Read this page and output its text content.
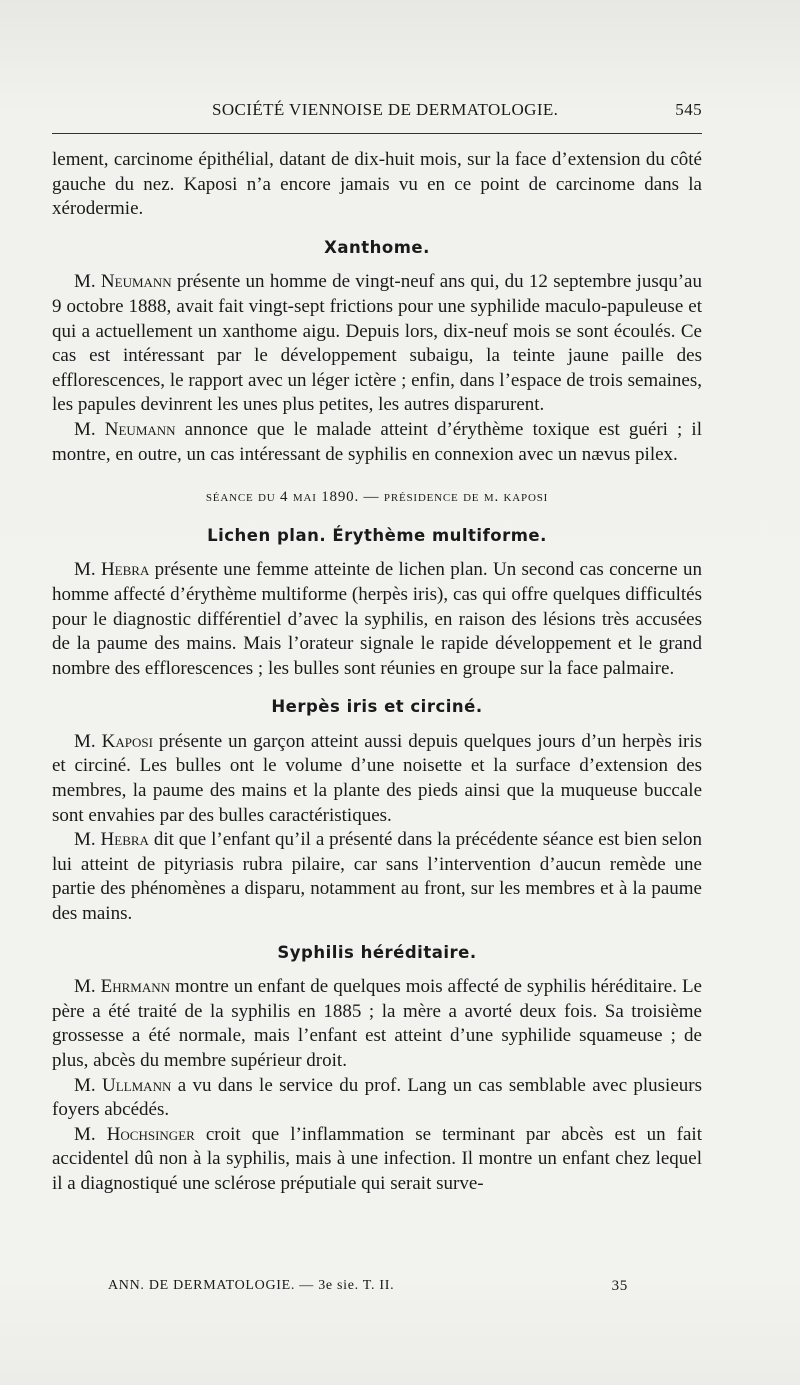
SOCIÉTÉ VIENNOISE DE DERMATOLOGIE.	545

lement, carcinome épithélial, datant de dix-huit mois, sur la face d’extension du côté gauche du nez. Kaposi n’a encore jamais vu en ce point de carcinome dans la xérodermie.

Xanthome.

M. Neumann présente un homme de vingt-neuf ans qui, du 12 septembre jusqu’au 9 octobre 1888, avait fait vingt-sept frictions pour une syphilide maculo-papuleuse et qui a actuellement un xanthome aigu. Depuis lors, dix-neuf mois se sont écoulés. Ce cas est intéressant par le développement subaigu, la teinte jaune paille des efflorescences, le rapport avec un léger ictère ; enfin, dans l’espace de trois semaines, les papules devinrent les unes plus petites, les autres disparurent.

M. Neumann annonce que le malade atteint d’érythème toxique est guéri ; il montre, en outre, un cas intéressant de syphilis en connexion avec un nævus pilex.

séance du 4 mai 1890. — présidence de m. kaposi
Lichen plan. Érythème multiforme.

M. Hebra présente une femme atteinte de lichen plan. Un second cas concerne un homme affecté d’érythème multiforme (herpès iris), cas qui offre quelques difficultés pour le diagnostic différentiel d’avec la syphilis, en raison des lésions très accusées de la paume des mains. Mais l’orateur signale le rapide développement et le grand nombre des efflorescences ; les bulles sont réunies en groupe sur la face palmaire.

Herpès iris et circiné.

M. Kaposi présente un garçon atteint aussi depuis quelques jours d’un herpès iris et circiné. Les bulles ont le volume d’une noisette et la surface d’extension des membres, la paume des mains et la plante des pieds ainsi que la muqueuse buccale sont envahies par des bulles caractéristiques.

M. Hebra dit que l’enfant qu’il a présenté dans la précédente séance est bien selon lui atteint de pityriasis rubra pilaire, car sans l’intervention d’aucun remède une partie des phénomènes a disparu, notamment au front, sur les membres et à la paume des mains.

Syphilis héréditaire.

M. Ehrmann montre un enfant de quelques mois affecté de syphilis héréditaire. Le père a été traité de la syphilis en 1885 ; la mère a avorté deux fois. Sa troisième grossesse a été normale, mais l’enfant est atteint d’une syphilide squameuse ; de plus, abcès du membre supérieur droit.

M. Ullmann a vu dans le service du prof. Lang un cas semblable avec plusieurs foyers abcédés.

M. Hochsinger croit que l’inflammation se terminant par abcès est un fait accidentel dû non à la syphilis, mais à une infection. Il montre un enfant chez lequel il a diagnostiqué une sclérose préputiale qui serait surve-

ANN. DE DERMATOLOGIE. — 3e sie. T. II.	35
